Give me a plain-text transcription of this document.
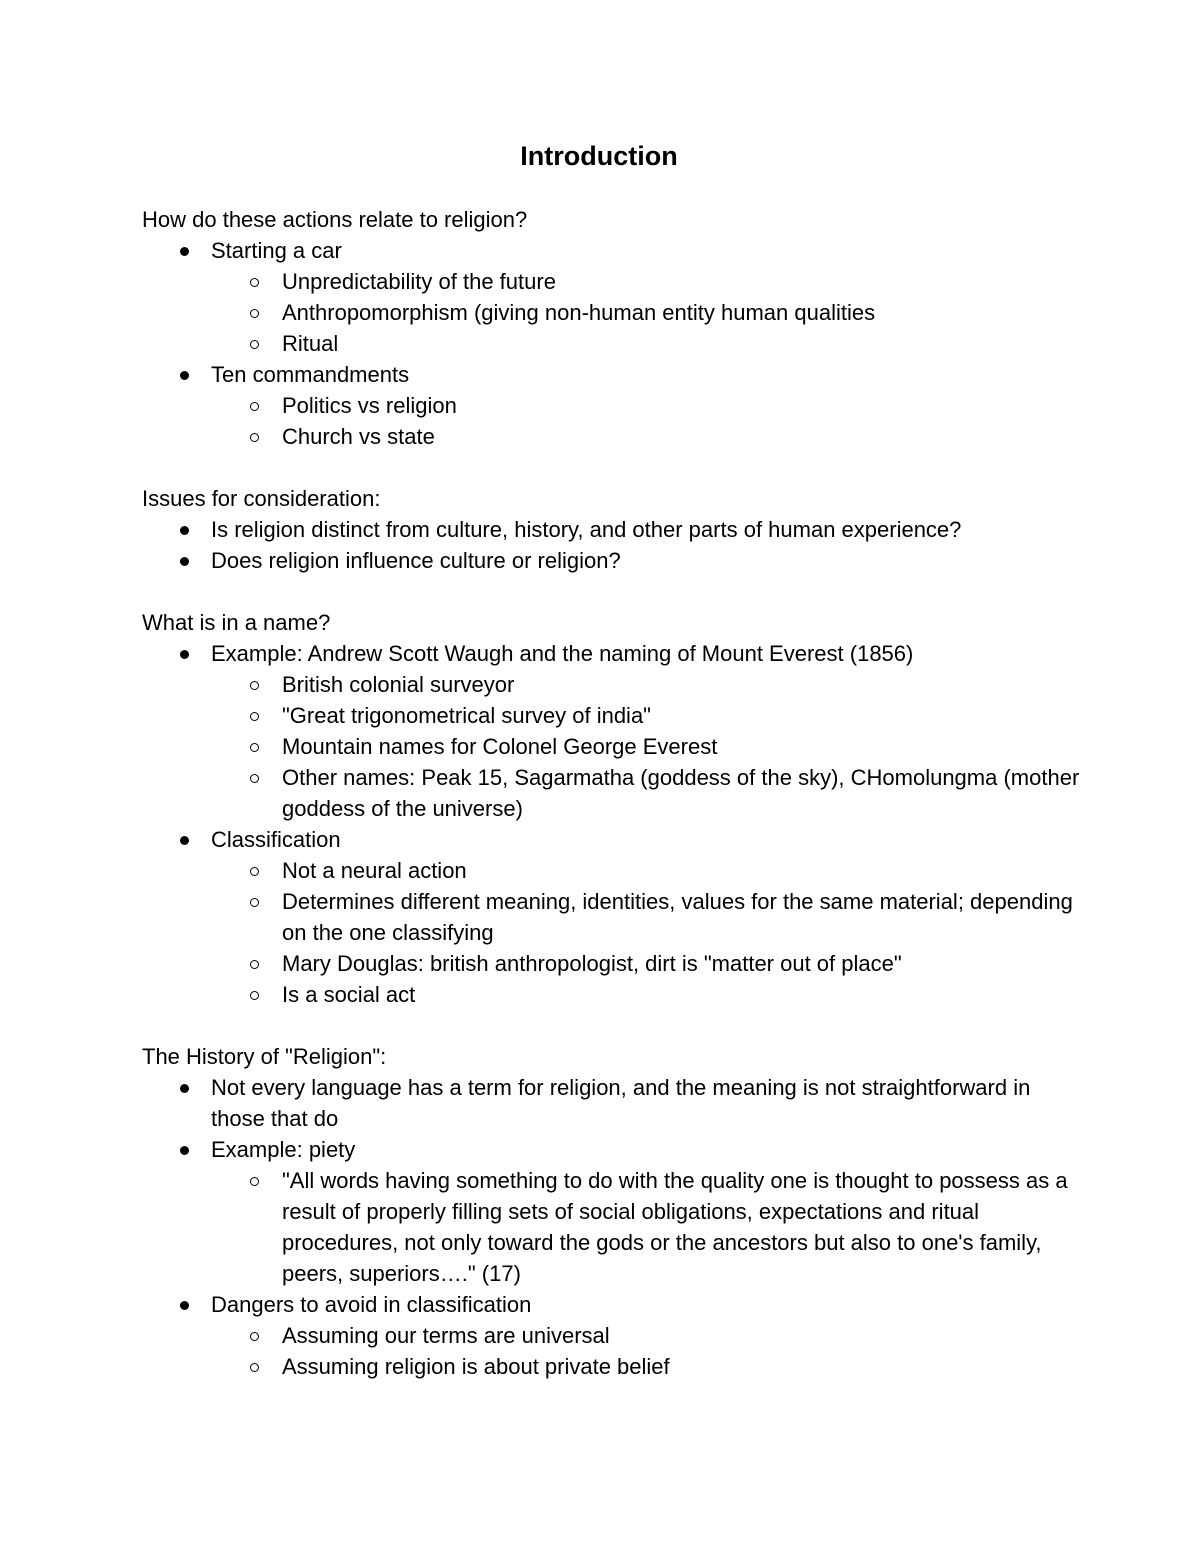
Introduction

How do these actions relate to religion?

Starting a car
Unpredictability of the future
Anthropomorphism (giving non-human entity human qualities
Ritual
Ten commandments
Politics vs religion
Church vs state

Issues for consideration:

Is religion distinct from culture, history, and other parts of human experience?
Does religion influence culture or religion?

What is in a name?

Example: Andrew Scott Waugh and the naming of Mount Everest (1856)
British colonial surveyor
"Great trigonometrical survey of india"
Mountain names for Colonel George Everest
Other names: Peak 15, Sagarmatha (goddess of the sky), CHomolungma (mother goddess of the universe)
Classification
Not a neural action
Determines different meaning, identities, values for the same material; depending on the one classifying
Mary Douglas: british anthropologist, dirt is "matter out of place"
Is a social act

The History of "Religion":

Not every language has a term for religion, and the meaning is not straightforward in those that do
Example: piety
"All words having something to do with the quality one is thought to possess as a result of properly filling sets of social obligations, expectations and ritual procedures, not only toward the gods or the ancestors but also to one's family, peers, superiors…." (17)
Dangers to avoid in classification
Assuming our terms are universal
Assuming religion is about private belief
